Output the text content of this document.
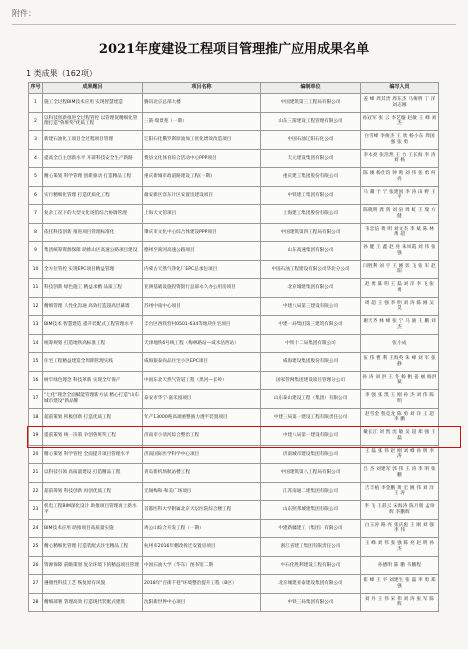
附件：
2021年度建设工程项目管理推广应用成果名单
1 类成果（162项）
序号	成果题目	项目名称	编制单位	编写人员
1	施工全过程BIM技术应用 实现智慧建造	腾讯北京总部大楼	中国建筑第三工程局有限公司	姜 峰 周其贵 周东杰 马俊明 丁 洋 刘志刚
2	以科技创新推进全过程管控 以管理促精细化管理打造"鲁班奖"优质工程	三箭·瑞景苑（一期）	山东三箭建设工程管理有限公司	孙冠军 张 云 李艺璇 赵敏 王 峰 刘 杰
3	新建石油化工项目全过程项目管理	辽阳石化俄罗斯原油加工优化增效改造项目	中国石油辽阳石化公司	白雪峰 李俊杰 王 欣 杨小东 周国强 张 勇
4	提高全自主创新水平 开辟科技安全生产新路	费县文化体育综合活动中心PPP项目	天元建设集团有限公司	李永亮 张浩然 王 力 王长海 李 涛 刘 杨
5	精心策划 科学管理 创新驱动 打造精品工程	重庆新城市政道路建设工程(一期)	重庆建工集团股份有限公司	陈 刚 杨仕均 钟 鸣 刘 伟 张 勇 何 亮
6	实行精细化管理 打造优质化工程	雄安新区容东片区安置房建设项目	中铁建工集团有限公司	马 骥 于 宁 张建国 李 涛 田 野 王 平
7	复杂工况下的大型文化场馆综合协调管理	上海天文馆项目	上海建工集团股份有限公司	陈晓明 龚 剑 刘 泉 周 虹 王 瑞 方 健
8	依托科技创新 推进项目管理标准化	肇庆市文化中心综合体建设PPP项目	中国建筑第四工程局有限公司	韦忠信 黄 明 刘文杰 李 斌 陈 林 黄 超
9	集团统筹资源保障 助推山区高速公路项目建设	德州至商河高速公路项目	山东高速集团有限公司	孙 健 王 鑫 赵 亮 朱凤霞 刘 伟 张 强
10	全方位管控 实现EPC项目精益管理	内蒙古天然气净化厂EPC总承包项目	中国石油工程建设有限公司华北分公司	闫胜利 刘 宇 王 刚 彭 飞 张 军 赵 阳
11	科技创新 绿色施工 精益求精 品质工程	亚洲基础设施投资银行总部永久办公用房项目	北京城建集团有限公司	赵 勇 陈 明 王 磊 刘 洋 李 飞 张 勇
12	精细管理 人性化沟通 高效打造超高层幕墙	苏州中南中心项目	中建八局第三建设有限公司	周 超 王 强 李 明 刘 涛 陈 刚 吴 昊
13	BIM技术 智慧建造 提升装配式工程管理水平	丰台区西铁营村0501-634等地块住宅项目	中建一局集团第三建筑有限公司	谢天齐 林 峰 张 宁 马 骏 王 鹏 刘 杰
14	统筹规划 打造地铁高标准工程	天津地铁6号线工程（梅林路站—咸水沽西站）	中铁十二局集团有限公司	张小成
15	住宅工程精益建造全周期管理实践	威海银泰尚品住宅小区EPC项目	威海建设集团股份有限公司	伍 伟 曹 利 王海英 朱 峰 刘 军 张 静
16	树牢绿色理念 科技革新 实现全年保产	中国东北天然气管道工程（黑河—长岭）	国家管网集团建设项目管理分公司	孙 涛 刘 洪 王 冬 杨 帆 姜 丽 杨洪斌
17	"七化"理念全面赋能管理新方法 精心打造"山东城市建设"新品牌	泰安市华宁·嘉禾园项目	山东泰山建设工程（集团）有限公司	李 强 张 凯 王 刚 孙 杰 刘 伟 陈 明
18	超前策划 积极创新 打造优质工程	年产13000吨高端重整液力透平装置项目	中建三局第一建设工程有限责任公司	赵雪金 程竞龙 陈 勇 刘 洋 王 超 李 鹏
19	提前策划 统一决策 争创鲁班奖工程	济南市小清河综合整治工程	中建八局第一建设有限公司	戴长江 刘 凯 沈 敏 吴 超 郑 强 王 磊
20	精心策划 科学管控 全面提升项目管理水平	济南国际医学科学中心项目	济南城市建设集团有限公司	王 磊 张 伟 赵 刚 刘 峰 孙 明 李 涛
21	以科技引领 高质量建设 打造精品工程	青岛新机场航站楼工程	中国建筑第八工程局有限公司	吕 杰 刘建军 郭 伟 王 涛 李 明 张 鹏
22	超前筹划 科技创新 再创优质工程	无锡梅和·和美广场项目	江苏南通二建集团有限公司	吉丰植 李金鹏 黄 宏 姚 伟 刘 洋 王 涛
23	机电工程BIM深化设计 助推项目管理再上新水平	首都医科大学附属北京天坛医院综合楼工程	山东照邦城建集团有限公司	李 飞 王彩云 宋海涛 陈月朋 孟珍辉 李鹏辉
24	BIM技术应用 助推项目高质量实施	鸡公山综合开发工程（一期）	中建新疆建工（集团）有限公司	白玉涛 路 亮 张庆彪 王 刚 刘 强 李 伟
25	精心精细化管理 打造装配式住宅精品工程	杭州市2016年棚改拆迁安置房项目	浙江省建工集团有限责任公司	王 峰 刘 伟 张 强 陈 亮 赵 明 孙 杰
26	资源保障 前瞻策划 复杂环境下的精益项目管理	中国石油大学（华东）图书馆二期	中石化胜利建设工程有限公司	孙德明 陈 鹏 韦鹏程
27	遵循性科技工艺 恢复原有风貌	2018年"百街千巷"环境整治提升工程（B区）	北京城建亚泰建设集团有限公司	崔 峰 王 平 刘建生 张 磊 李 勇 郑 强
28	精细部署 管理高效 打造现代装配式建筑	沈阳新世界中心项目	中铁三局集团有限公司	刘 丹 王 伟 宋 伟 刘 涛 张 军 陈 辉
